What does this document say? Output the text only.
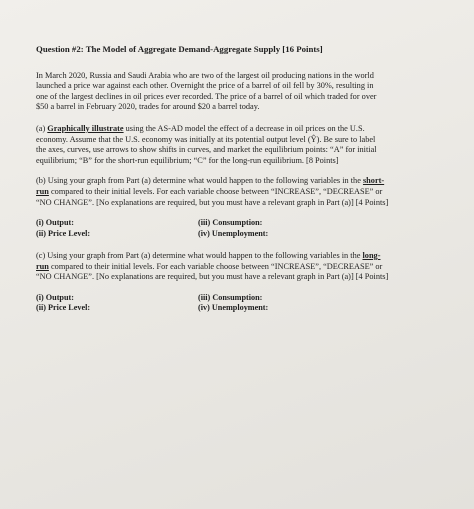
Question #2: The Model of Aggregate Demand-Aggregate Supply [16 Points]
In March 2020, Russia and Saudi Arabia who are two of the largest oil producing nations in the world
launched a price war against each other. Overnight the price of a barrel of oil fell by 30%, resulting in
one of the largest declines in oil prices ever recorded. The price of a barrel of oil which traded for over
$50 a barrel in February 2020, trades for around $20 a barrel today.
(a) Graphically illustrate using the AS-AD model the effect of a decrease in oil prices on the U.S.
economy. Assume that the U.S. economy was initially at its potential output level (Ŷ). Be sure to label
the axes, curves, use arrows to show shifts in curves, and market the equilibrium points: “A” for initial
equilibrium; “B” for the short-run equilibrium; “C” for the long-run equilibrium. [8 Points]
(b) Using your graph from Part (a) determine what would happen to the following variables in the short-
run compared to their initial levels. For each variable choose between “INCREASE”, “DECREASE” or
“NO CHANGE”. [No explanations are required, but you must have a relevant graph in Part (a)] [4 Points]
(i) Output:	(iii) Consumption:
(ii) Price Level:	(iv) Unemployment:
(c) Using your graph from Part (a) determine what would happen to the following variables in the long-
run compared to their initial levels. For each variable choose between “INCREASE”, “DECREASE” or
“NO CHANGE”. [No explanations are required, but you must have a relevant graph in Part (a)] [4 Points]
(i) Output:	(iii) Consumption:
(ii) Price Level:	(iv) Unemployment:
